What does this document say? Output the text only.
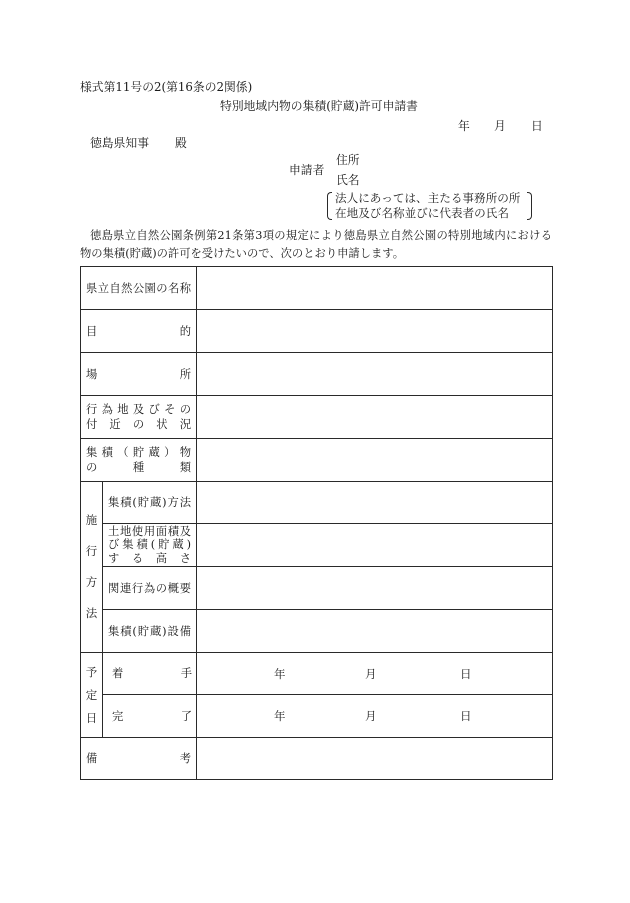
様式第11号の2(第16条の2関係)
特別地域内物の集積(貯蔵)許可申請書
年 月 日
徳島県知事 殿
住所
申請者
氏名
法人にあっては、主たる事務所の所
在地及び名称並びに代表者の氏名
徳島県立自然公園条例第21条第3項の規定により徳島県立自然公園の特別地域内における
物の集積(貯蔵)の許可を受けたいので、次のとおり申請します。
県立自然公園の名称
目　的
場　所
行為地及びその
付近の状況
集積（貯蔵）物
の種類
施行方法
集積(貯蔵)方法
土地使用面積及
び集積(貯蔵)
する高さ
関連行為の概要
集積(貯蔵)設備
予定日
着　手	年	月	日
完　了	年	月	日
備　考
